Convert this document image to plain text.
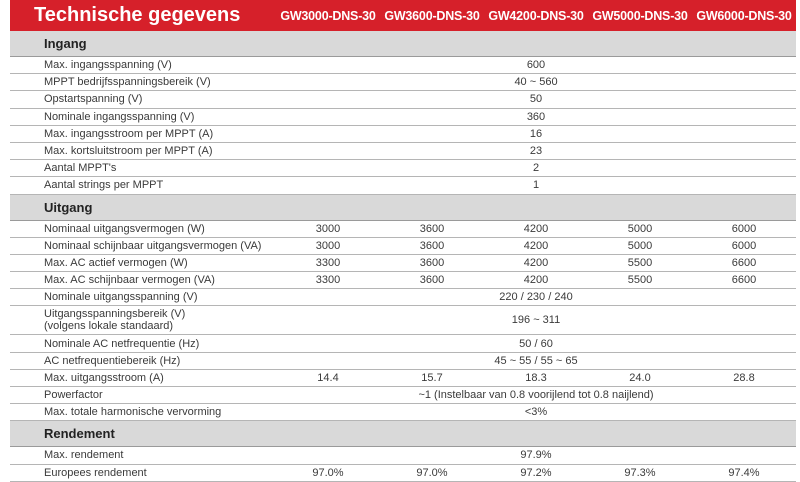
Technische gegevens	GW3000-DNS-30	GW3600-DNS-30	GW4200-DNS-30	GW5000-DNS-30	GW6000-DNS-30
Ingang					
Max. ingangsspanning (V)	600				
MPPT bedrijfsspanningsbereik (V)	40 ~ 560				
Opstartspanning (V)	50				
Nominale ingangsspanning (V)	360				
Max. ingangsstroom per MPPT (A)	16				
Max. kortsluitstroom per MPPT (A)	23				
Aantal MPPT's	2				
Aantal strings per MPPT	1				
Uitgang					
Nominaal uitgangsvermogen (W)	3000	3600	4200	5000	6000
Nominaal schijnbaar uitgangsvermogen (VA)	3000	3600	4200	5000	6000
Max. AC actief vermogen (W)	3300	3600	4200	5500	6600
Max. AC schijnbaar vermogen (VA)	3300	3600	4200	5500	6600
Nominale uitgangsspanning (V)	220 / 230 / 240				

Uitgangsspanningsbereik (V)
(volgens lokale standaard)	196 ~ 311				
Nominale AC netfrequentie (Hz)	50 / 60				
AC netfrequentiebereik (Hz)	45 ~ 55 / 55 ~ 65				
Max. uitgangsstroom (A)	14.4	15.7	18.3	24.0	28.8
Powerfactor	~1 (Instelbaar van 0.8 voorijlend tot 0.8 naijlend)				
Max. totale harmonische vervorming	<3%				
Rendement					
Max. rendement	97.9%				
Europees rendement	97.0%	97.0%	97.2%	97.3%	97.4%
